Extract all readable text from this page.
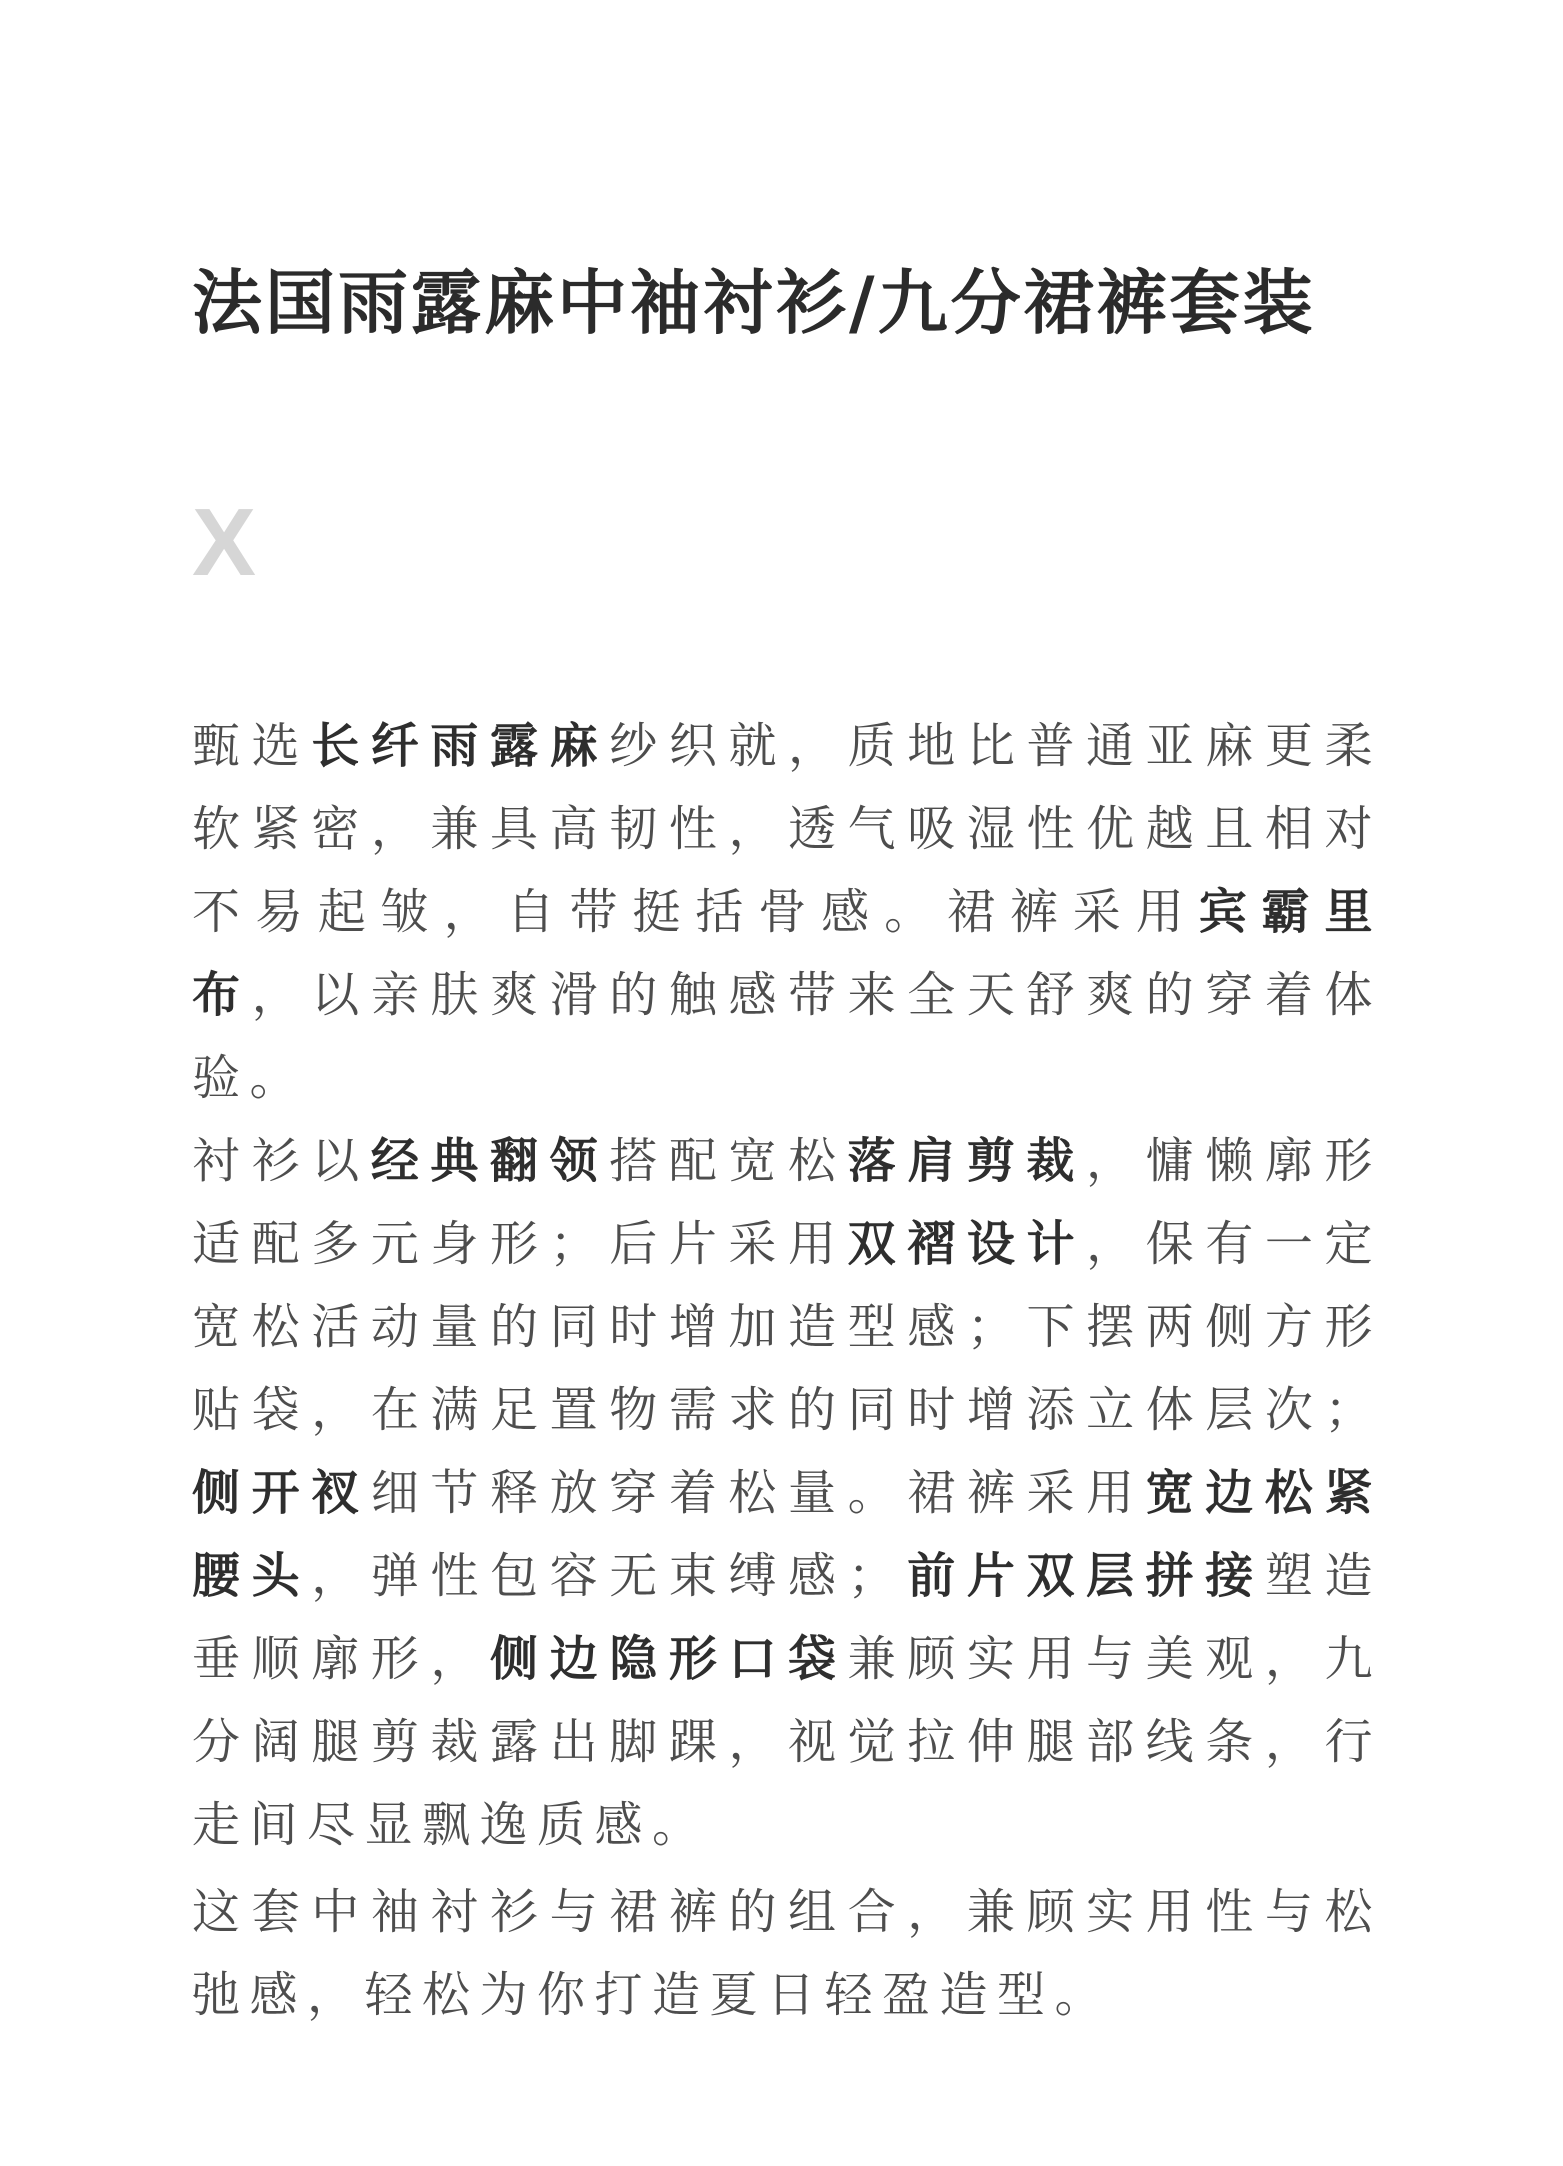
法国雨露麻中袖衬衫/九分裙裤套装
X

甄选长纤雨露麻纱织就，质地比普通亚麻更柔软紧密，兼具高韧性，透气吸湿性优越且相对不易起皱，自带挺括骨感。裙裤采用宾霸里布，以亲肤爽滑的触感带来全天舒爽的穿着体验。

衬衫以经典翻领搭配宽松落肩剪裁，慵懒廓形适配多元身形；后片采用双褶设计，保有一定宽松活动量的同时增加造型感；下摆两侧方形贴袋，在满足置物需求的同时增添立体层次；侧开衩细节释放穿着松量。裙裤采用宽边松紧腰头，弹性包容无束缚感；前片双层拼接塑造垂顺廓形，侧边隐形口袋兼顾实用与美观，九分阔腿剪裁露出脚踝，视觉拉伸腿部线条，行走间尽显飘逸质感。

这套中袖衬衫与裙裤的组合，兼顾实用性与松弛感，轻松为你打造夏日轻盈造型。
